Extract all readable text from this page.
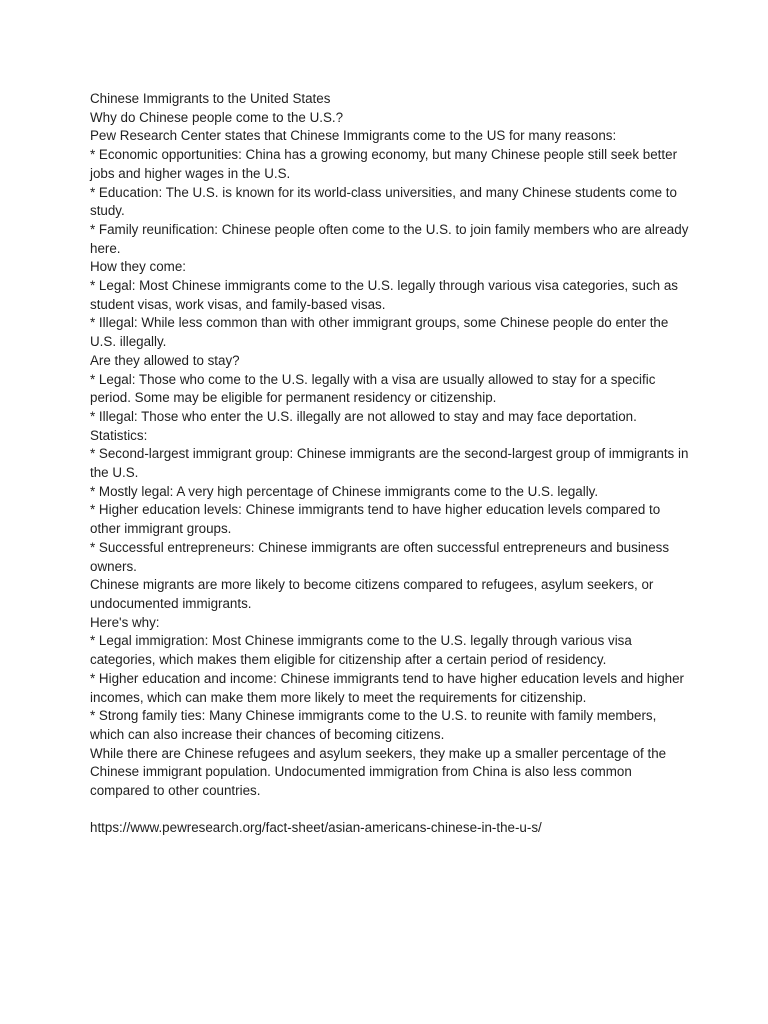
Chinese Immigrants to the United States

Why do Chinese people come to the U.S.?

Pew Research Center states that Chinese Immigrants come to the US for many reasons:

* Economic opportunities: China has a growing economy, but many Chinese people still seek better jobs and higher wages in the U.S.

* Education: The U.S. is known for its world-class universities, and many Chinese students come to study.

* Family reunification: Chinese people often come to the U.S. to join family members who are already here.

How they come:

* Legal: Most Chinese immigrants come to the U.S. legally through various visa categories, such as student visas, work visas, and family-based visas.

* Illegal: While less common than with other immigrant groups, some Chinese people do enter the U.S. illegally.

Are they allowed to stay?

* Legal: Those who come to the U.S. legally with a visa are usually allowed to stay for a specific period. Some may be eligible for permanent residency or citizenship.

* Illegal: Those who enter the U.S. illegally are not allowed to stay and may face deportation.

Statistics:

* Second-largest immigrant group: Chinese immigrants are the second-largest group of immigrants in the U.S.

* Mostly legal: A very high percentage of Chinese immigrants come to the U.S. legally.

* Higher education levels: Chinese immigrants tend to have higher education levels compared to other immigrant groups.

* Successful entrepreneurs: Chinese immigrants are often successful entrepreneurs and business owners.

Chinese migrants are more likely to become citizens compared to refugees, asylum seekers, or undocumented immigrants.

Here's why:

* Legal immigration: Most Chinese immigrants come to the U.S. legally through various visa categories, which makes them eligible for citizenship after a certain period of residency.

* Higher education and income: Chinese immigrants tend to have higher education levels and higher incomes, which can make them more likely to meet the requirements for citizenship.

* Strong family ties: Many Chinese immigrants come to the U.S. to reunite with family members, which can also increase their chances of becoming citizens.

While there are Chinese refugees and asylum seekers, they make up a smaller percentage of the Chinese immigrant population. Undocumented immigration from China is also less common compared to other countries.

https://www.pewresearch.org/fact-sheet/asian-americans-chinese-in-the-u-s/
